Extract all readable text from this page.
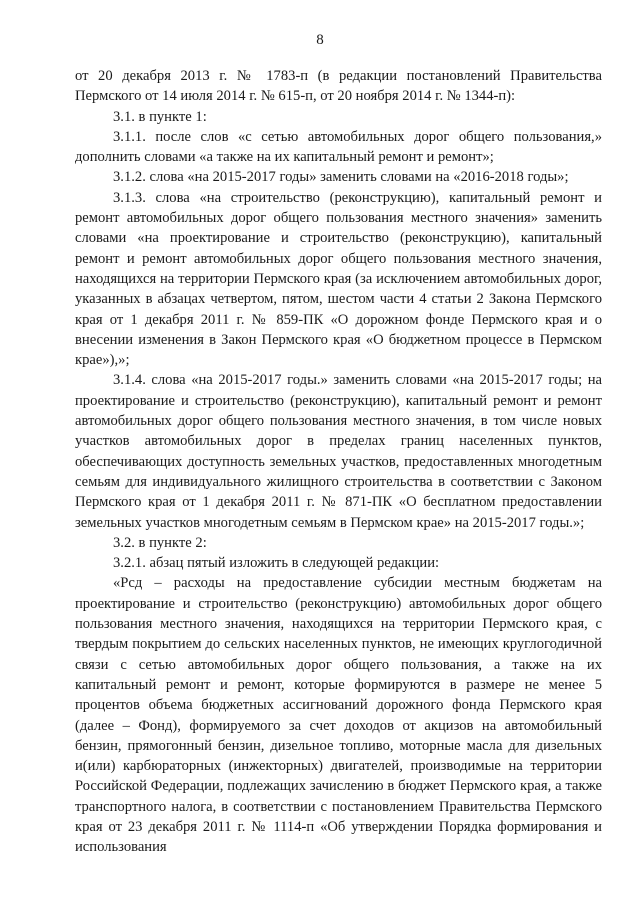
8

от 20 декабря 2013 г. № 1783-п (в редакции постановлений Правительства Пермского от 14 июля 2014 г. № 615-п, от 20 ноября 2014 г. № 1344-п):

3.1. в пункте 1:

3.1.1. после слов «с сетью автомобильных дорог общего пользования,» дополнить словами «а также на их капитальный ремонт и ремонт»;

3.1.2. слова «на 2015-2017 годы» заменить словами на «2016-2018 годы»;

3.1.3. слова «на строительство (реконструкцию), капитальный ремонт и ремонт автомобильных дорог общего пользования местного значения» заменить словами «на проектирование и строительство (реконструкцию), капитальный ремонт и ремонт автомобильных дорог общего пользования местного значения, находящихся на территории Пермского края (за исключением автомобильных дорог, указанных в абзацах четвертом, пятом, шестом части 4 статьи 2 Закона Пермского края от 1 декабря 2011 г. № 859-ПК «О дорожном фонде Пермского края и о внесении изменения в Закон Пермского края «О бюджетном процессе в Пермском крае»),»;

3.1.4. слова «на 2015-2017 годы.» заменить словами «на 2015-2017 годы; на проектирование и строительство (реконструкцию), капитальный ремонт и ремонт автомобильных дорог общего пользования местного значения, в том числе новых участков автомобильных дорог в пределах границ населенных пунктов, обеспечивающих доступность земельных участков, предоставленных многодетным семьям для индивидуального жилищного строительства в соответствии с Законом Пермского края от 1 декабря 2011 г. № 871-ПК «О бесплатном предоставлении земельных участков многодетным семьям в Пермском крае» на 2015-2017 годы.»;

3.2. в пункте 2:

3.2.1. абзац пятый изложить в следующей редакции:

«Рсд – расходы на предоставление субсидии местным бюджетам на проектирование и строительство (реконструкцию) автомобильных дорог общего пользования местного значения, находящихся на территории Пермского края, с твердым покрытием до сельских населенных пунктов, не имеющих круглогодичной связи с сетью автомобильных дорог общего пользования, а также на их капитальный ремонт и ремонт, которые формируются в размере не менее 5 процентов объема бюджетных ассигнований дорожного фонда Пермского края (далее – Фонд), формируемого за счет доходов от акцизов на автомобильный бензин, прямогонный бензин, дизельное топливо, моторные масла для дизельных и(или) карбюраторных (инжекторных) двигателей, производимые на территории Российской Федерации, подлежащих зачислению в бюджет Пермского края, а также транспортного налога, в соответствии с постановлением Правительства Пермского края от 23 декабря 2011 г. № 1114-п «Об утверждении Порядка формирования и использования
